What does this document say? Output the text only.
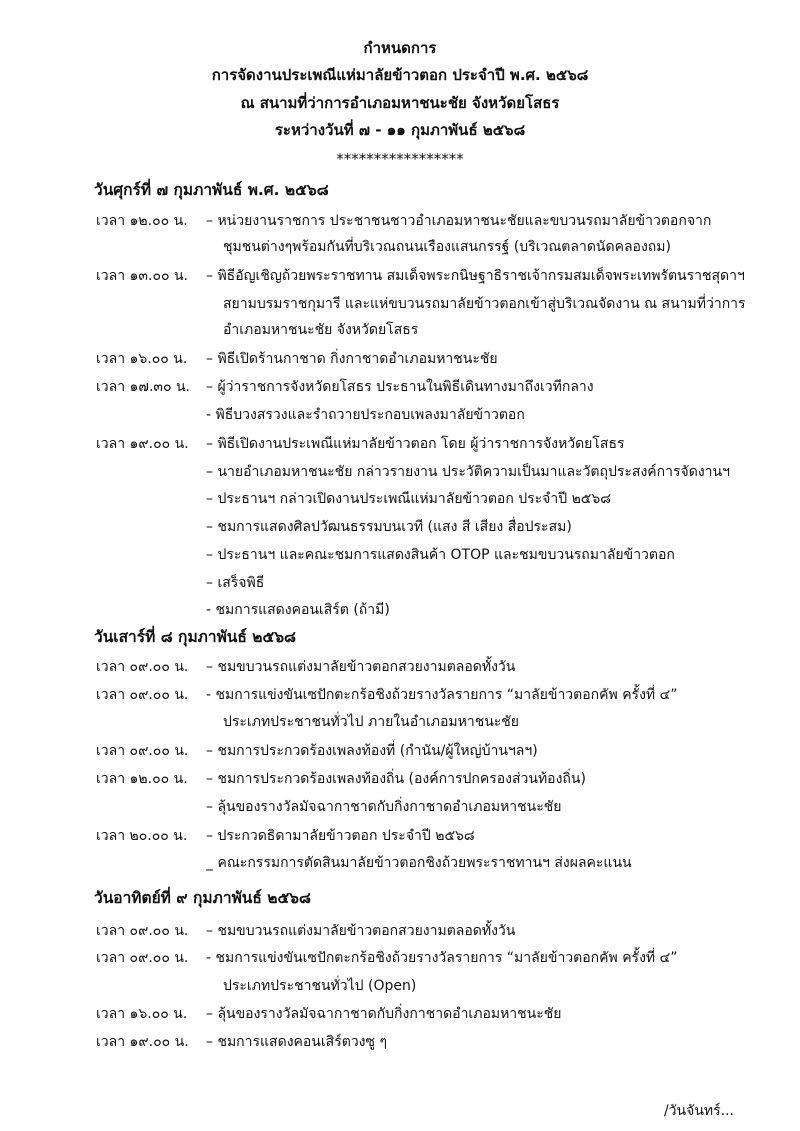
กำหนดการ
การจัดงานประเพณีแห่มาลัยข้าวตอก ประจำปี พ.ศ. ๒๕๖๘
ณ สนามที่ว่าการอำเภอมหาชนะชัย จังหวัดยโสธร
ระหว่างวันที่ ๗ - ๑๑ กุมภาพันธ์ ๒๕๖๘
*****************
วันศุกร์ที่ ๗ กุมภาพันธ์ พ.ศ. ๒๕๖๘
เวลา ๑๒.๐๐ น. – หน่วยงานราชการ ประชาชนชาวอำเภอมหาชนะชัยและขบวนรถมาลัยข้าวตอกจาก
ชุมชนต่างๆพร้อมกันที่บริเวณถนนเรืองแสนกรรฐ์ (บริเวณตลาดนัดคลองถม)
เวลา ๑๓.๐๐ น. – พิธีอัญเชิญถ้วยพระราชทาน สมเด็จพระกนิษฐาธิราชเจ้ากรมสมเด็จพระเทพรัตนราชสุดาฯ
สยามบรมราชกุมารี และแห่ขบวนรถมาลัยข้าวตอกเข้าสู่บริเวณจัดงาน ณ สนามที่ว่าการ
อำเภอมหาชนะชัย จังหวัดยโสธร
เวลา ๑๖.๐๐ น. – พิธีเปิดร้านกาชาด กิ่งกาชาดอำเภอมหาชนะชัย
เวลา ๑๗.๓๐ น. – ผู้ว่าราชการจังหวัดยโสธร ประธานในพิธีเดินทางมาถึงเวทีกลาง
- พิธีบวงสรวงและรำถวายประกอบเพลงมาลัยข้าวตอก
เวลา ๑๙.๐๐ น. – พิธีเปิดงานประเพณีแห่มาลัยข้าวตอก โดย ผู้ว่าราชการจังหวัดยโสธร
– นายอำเภอมหาชนะชัย กล่าวรายงาน ประวัติความเป็นมาและวัตถุประสงค์การจัดงานฯ
– ประธานฯ กล่าวเปิดงานประเพณีแห่มาลัยข้าวตอก ประจำปี ๒๕๖๘
– ชมการแสดงศิลปวัฒนธรรมบนเวที (แสง สี เสียง สื่อประสม)
– ประธานฯ และคณะชมการแสดงสินค้า OTOP และชมขบวนรถมาลัยข้าวตอก
– เสร็จพิธี
- ชมการแสดงคอนเสิร์ต (ถ้ามี)
วันเสาร์ที่ ๘ กุมภาพันธ์ ๒๕๖๘
เวลา ๐๙.๐๐ น. – ชมขบวนรถแต่งมาลัยข้าวตอกสวยงามตลอดทั้งวัน
เวลา ๐๙.๐๐ น. - ชมการแข่งขันเซปักตะกร้อชิงถ้วยรางวัลรายการ “มาลัยข้าวตอกคัพ ครั้งที่ ๔”
ประเภทประชาชนทั่วไป ภายในอำเภอมหาชนะชัย
เวลา ๐๙.๐๐ น. – ชมการประกวดร้องเพลงท้องที่ (กำนัน/ผู้ใหญ่บ้านฯลฯ)
เวลา ๑๒.๐๐ น. – ชมการประกวดร้องเพลงท้องถิ่น (องค์การปกครองส่วนท้องถิ่น)
– ลุ้นของรางวัลมัจฉากาชาดกับกิ่งกาชาดอำเภอมหาชนะชัย
เวลา ๒๐.๐๐ น. – ประกวดธิดามาลัยข้าวตอก ประจำปี ๒๕๖๘
_ คณะกรรมการตัดสินมาลัยข้าวตอกชิงถ้วยพระราชทานฯ ส่งผลคะแนน
วันอาทิตย์ที่ ๙ กุมภาพันธ์ ๒๕๖๘
เวลา ๐๙.๐๐ น. – ชมขบวนรถแต่งมาลัยข้าวตอกสวยงามตลอดทั้งวัน
เวลา ๐๙.๐๐ น. - ชมการแข่งขันเซปักตะกร้อชิงถ้วยรางวัลรายการ “มาลัยข้าวตอกคัพ ครั้งที่ ๔”
ประเภทประชาชนทั่วไป (Open)
เวลา ๑๖.๐๐ น. – ลุ้นของรางวัลมัจฉากาชาดกับกิ่งกาชาดอำเภอมหาชนะชัย
เวลา ๑๙.๐๐ น. – ชมการแสดงคอนเสิร์ตวงซู ๆ
/วันจันทร์...
